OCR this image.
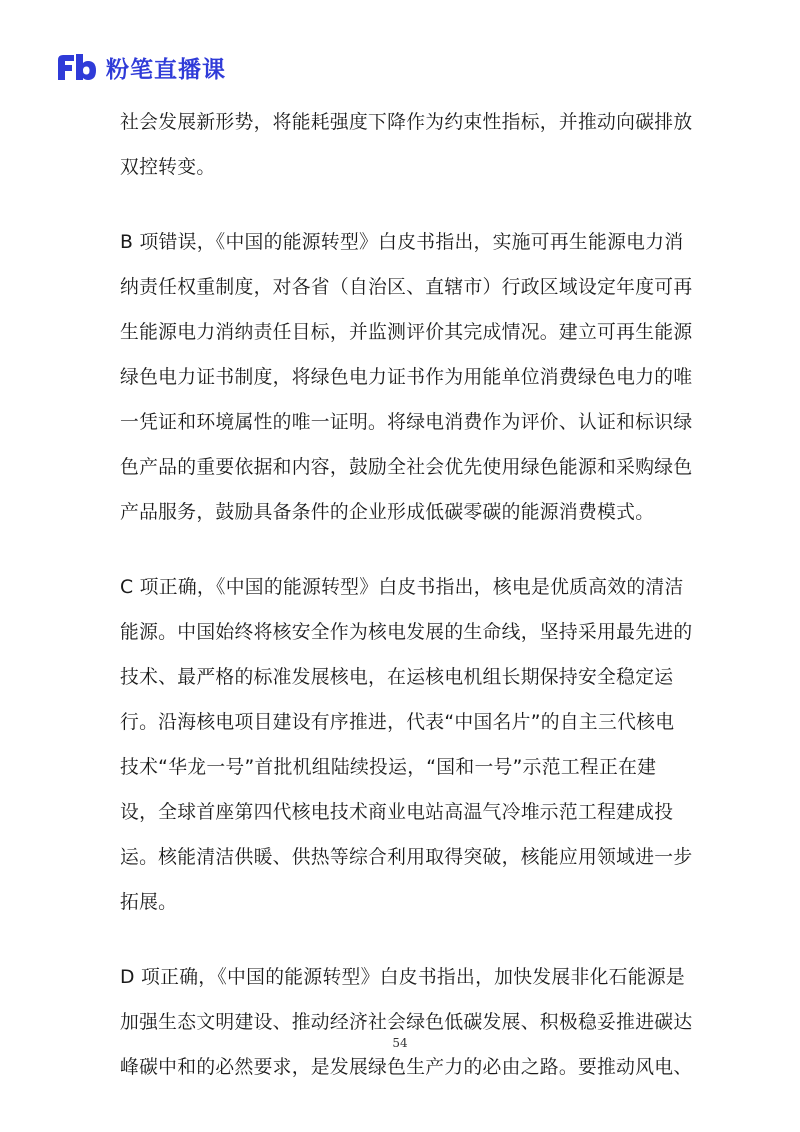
粉笔直播课
社会发展新形势，将能耗强度下降作为约束性指标，并推动向碳排放
双控转变。
B 项错误，《中国的能源转型》白皮书指出，实施可再生能源电力消
纳责任权重制度，对各省（自治区、直辖市）行政区域设定年度可再
生能源电力消纳责任目标，并监测评价其完成情况。建立可再生能源
绿色电力证书制度，将绿色电力证书作为用能单位消费绿色电力的唯
一凭证和环境属性的唯一证明。将绿电消费作为评价、认证和标识绿
色产品的重要依据和内容，鼓励全社会优先使用绿色能源和采购绿色
产品服务，鼓励具备条件的企业形成低碳零碳的能源消费模式。
C 项正确，《中国的能源转型》白皮书指出，核电是优质高效的清洁
能源。中国始终将核安全作为核电发展的生命线，坚持采用最先进的
技术、最严格的标准发展核电，在运核电机组长期保持安全稳定运
行。沿海核电项目建设有序推进，代表“中国名片”的自主三代核电
技术“华龙一号”首批机组陆续投运，“国和一号”示范工程正在建
设，全球首座第四代核电技术商业电站高温气冷堆示范工程建成投
运。核能清洁供暖、供热等综合利用取得突破，核能应用领域进一步
拓展。
D 项正确，《中国的能源转型》白皮书指出，加快发展非化石能源是
加强生态文明建设、推动经济社会绿色低碳发展、积极稳妥推进碳达
峰碳中和的必然要求，是发展绿色生产力的必由之路。要推动风电、
54
